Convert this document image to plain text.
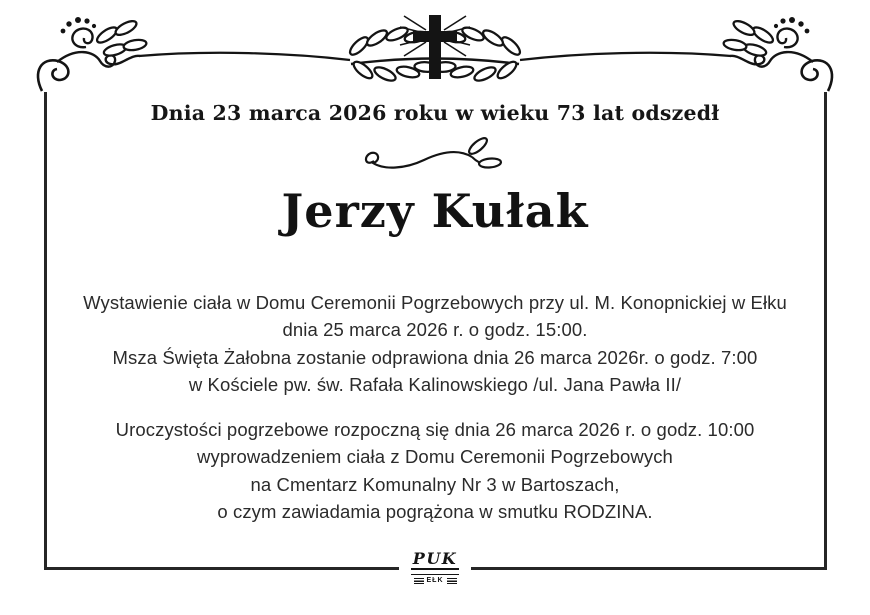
Dnia 23 marca 2026 roku w wieku 73 lat odszedł
Jerzy Kułak
Wystawienie ciała w Domu Ceremonii Pogrzebowych przy ul. M. Konopnickiej w Ełku
dnia 25 marca 2026 r. o godz. 15:00.
Msza Święta Żałobna zostanie odprawiona dnia 26 marca 2026r. o godz. 7:00
w Kościele pw. św. Rafała Kalinowskiego /ul. Jana Pawła II/
Uroczystości pogrzebowe rozpoczną się dnia 26 marca 2026 r. o godz. 10:00
wyprowadzeniem ciała z Domu Ceremonii Pogrzebowych
na Cmentarz Komunalny Nr 3 w Bartoszach,
o czym zawiadamia pogrążona w smutku RODZINA.
PUK
EŁK
